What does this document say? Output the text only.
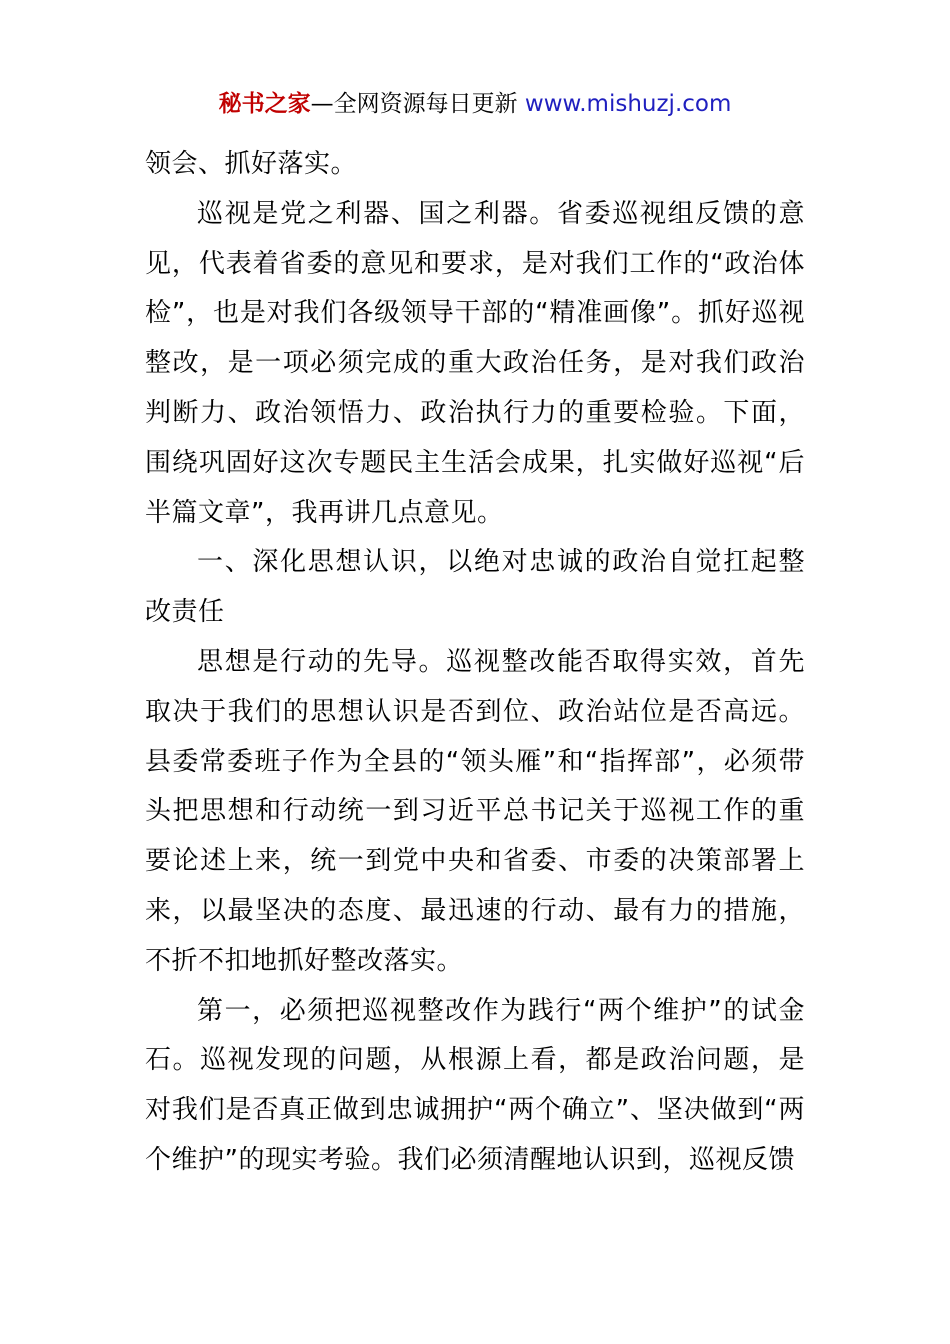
秘书之家—全网资源每日更新 www.mishuzj.com

领会、抓好落实。

巡视是党之利器、国之利器。省委巡视组反馈的意见，代表着省委的意见和要求，是对我们工作的“政治体检”，也是对我们各级领导干部的“精准画像”。抓好巡视整改，是一项必须完成的重大政治任务，是对我们政治判断力、政治领悟力、政治执行力的重要检验。下面，围绕巩固好这次专题民主生活会成果，扎实做好巡视“后半篇文章”，我再讲几点意见。

一、深化思想认识，以绝对忠诚的政治自觉扛起整改责任

思想是行动的先导。巡视整改能否取得实效，首先取决于我们的思想认识是否到位、政治站位是否高远。县委常委班子作为全县的“领头雁”和“指挥部”，必须带头把思想和行动统一到习近平总书记关于巡视工作的重要论述上来，统一到党中央和省委、市委的决策部署上来，以最坚决的态度、最迅速的行动、最有力的措施，不折不扣地抓好整改落实。

第一，必须把巡视整改作为践行“两个维护”的试金石。巡视发现的问题，从根源上看，都是政治问题，是对我们是否真正做到忠诚拥护“两个确立”、坚决做到“两个维护”的现实考验。我们必须清醒地认识到，巡视反馈
